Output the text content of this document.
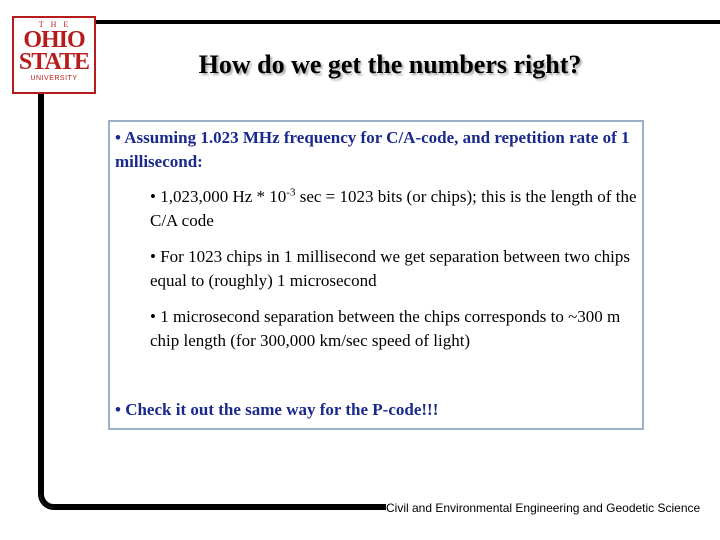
THE
OHIO
STATE
UNIVERSITY	How do we get the numbers right?
• Assuming 1.023 MHz frequency for C/A-code, and repetition rate of 1 millisecond:
• 1,023,000 Hz * $10^{-3}$ sec = 1023 bits (or chips); this is the length of the C/A code
• For 1023 chips in 1 millisecond we get separation between two chips equal to (roughly) 1 microsecond
• 1 microsecond separation between the chips corresponds to ~300 m chip length (for 300,000 km/sec speed of light)
• Check it out the same way for the P-code!!!
Civil and Environmental Engineering and Geodetic Science
